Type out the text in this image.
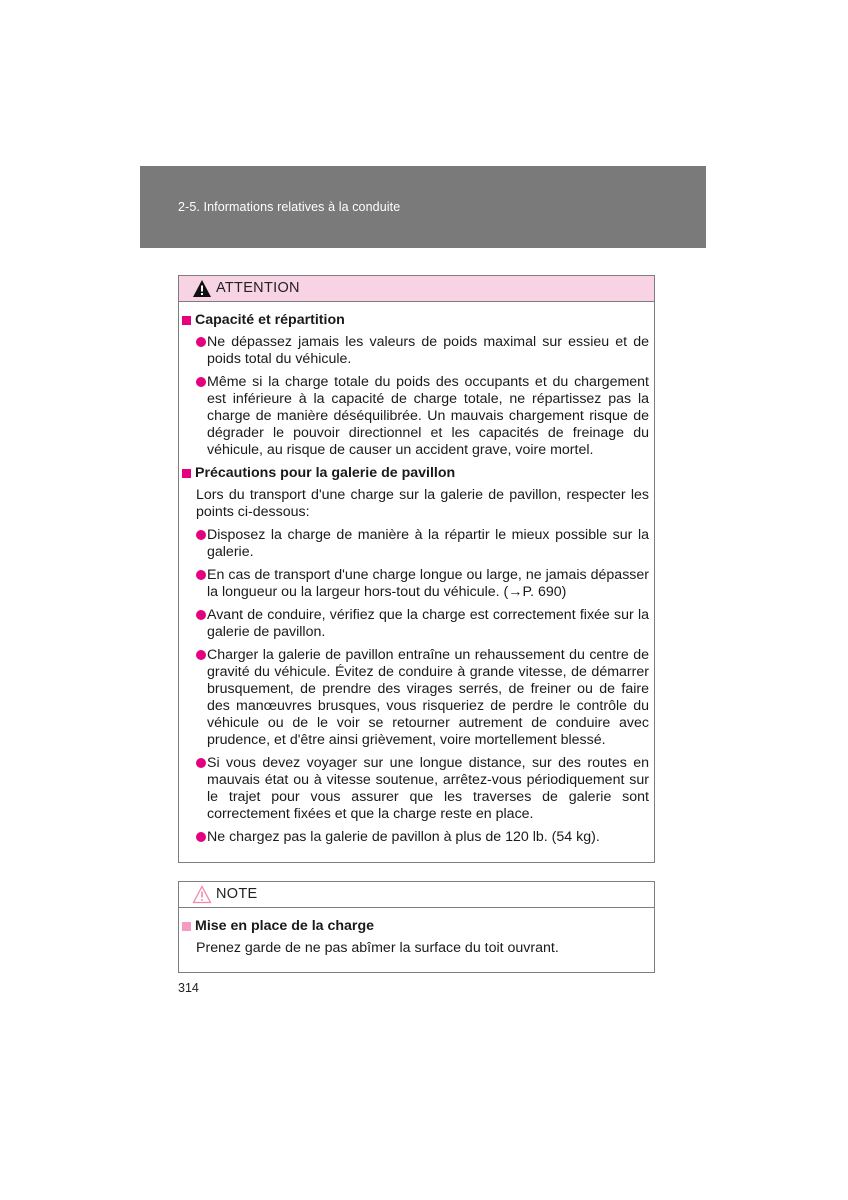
2-5. Informations relatives à la conduite
ATTENTION
Capacité et répartition
Ne dépassez jamais les valeurs de poids maximal sur essieu et de poids total du véhicule.
Même si la charge totale du poids des occupants et du chargement est inférieure à la capacité de charge totale, ne répartissez pas la charge de manière déséquilibrée. Un mauvais chargement risque de dégrader le pouvoir directionnel et les capacités de freinage du véhicule, au risque de causer un accident grave, voire mortel.
Précautions pour la galerie de pavillon
Lors du transport d'une charge sur la galerie de pavillon, respecter les points ci-dessous:
Disposez la charge de manière à la répartir le mieux possible sur la galerie.
En cas de transport d'une charge longue ou large, ne jamais dépasser la longueur ou la largeur hors-tout du véhicule. (→P. 690)
Avant de conduire, vérifiez que la charge est correctement fixée sur la galerie de pavillon.
Charger la galerie de pavillon entraîne un rehaussement du centre de gravité du véhicule. Évitez de conduire à grande vitesse, de démarrer brusquement, de prendre des virages serrés, de freiner ou de faire des manœuvres brusques, vous risqueriez de perdre le contrôle du véhicule ou de le voir se retourner autrement de conduire avec prudence, et d'être ainsi grièvement, voire mortellement blessé.
Si vous devez voyager sur une longue distance, sur des routes en mauvais état ou à vitesse soutenue, arrêtez-vous périodiquement sur le trajet pour vous assurer que les traverses de galerie sont correctement fixées et que la charge reste en place.
Ne chargez pas la galerie de pavillon à plus de 120 lb. (54 kg).
NOTE
Mise en place de la charge
Prenez garde de ne pas abîmer la surface du toit ouvrant.
314
